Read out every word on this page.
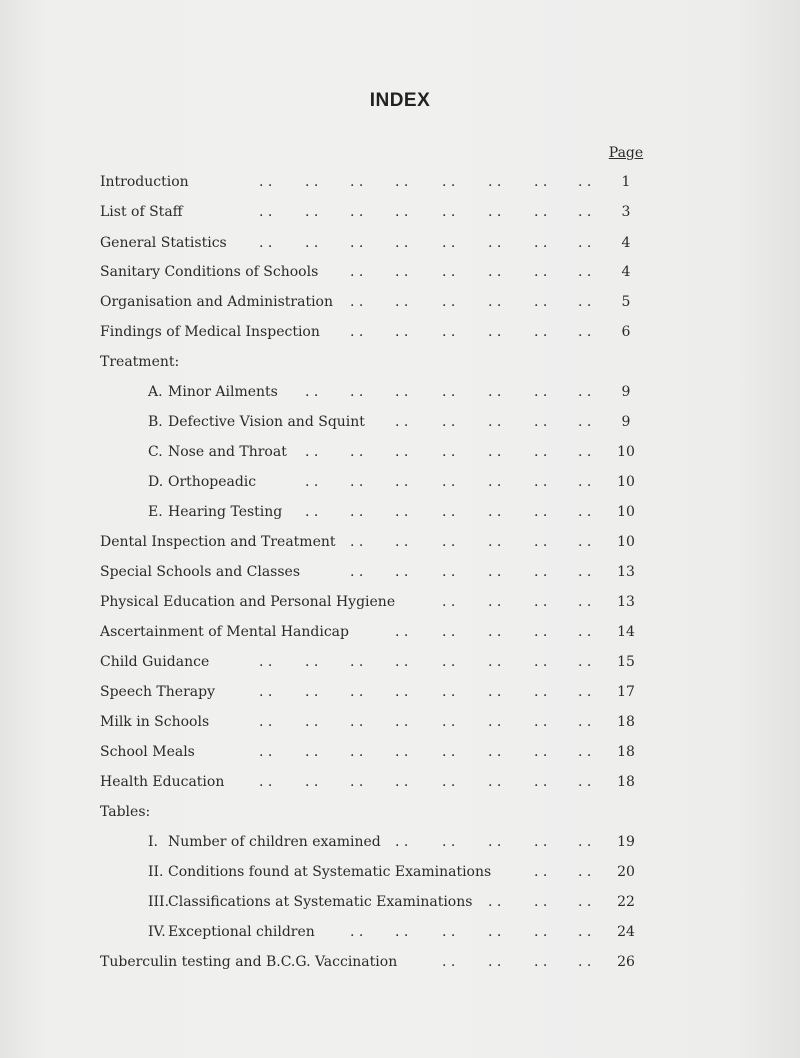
INDEX
Page
Introduction	. . . . . . . . . . . . . . . .	1
List of Staff	. . . . . . . . . . . . . . . .	3
General Statistics . . . . . . . . . . . . . . . .	4
Sanitary Conditions of Schools . . . . . . . . . . . .	4
Organisation and Administration . . . . . . . . . . . .	5
Findings of Medical Inspection . . . . . . . . . . . .	6
Treatment:
A. Minor Ailments . . . . . . . . . . . . . .	9
B. Defective Vision and Squint . . . . . . . . . .	9
C. Nose and Throat . . . . . . . . . . . . . .	10
D. Orthopeadic	. . . . . . . . . . . . . .	10
E. Hearing Testing . . . . . . . . . . . . . .	10
Dental Inspection and Treatment . . . . . . . . . . . .	10
Special Schools and Classes	. . . . . . . . . . . .	13
Physical Education and Personal Hygiene	. . . . . . . .	13
Ascertainment of Mental Handicap	. . . . . . . . . .	14
Child Guidance	. . . . . . . . . . . . . . . .	15
Speech Therapy	. . . . . . . . . . . . . . . .	17
Milk in Schools	. . . . . . . . . . . . . . . .	18
School Meals	. . . . . . . . . . . . . . . .	18
Health Education . . . . . . . . . . . . . . . .	18
Tables:
I. Number of children examined . . . . . . . . . .	19
II. Conditions found at Systematic Examinations	. . . .	20
III.Classifications at Systematic Examinations . . . . . .	22
IV. Exceptional children	. . . . . . . . . . . .	24
Tuberculin testing and B.C.G. Vaccination	. . . . . . . .	26
